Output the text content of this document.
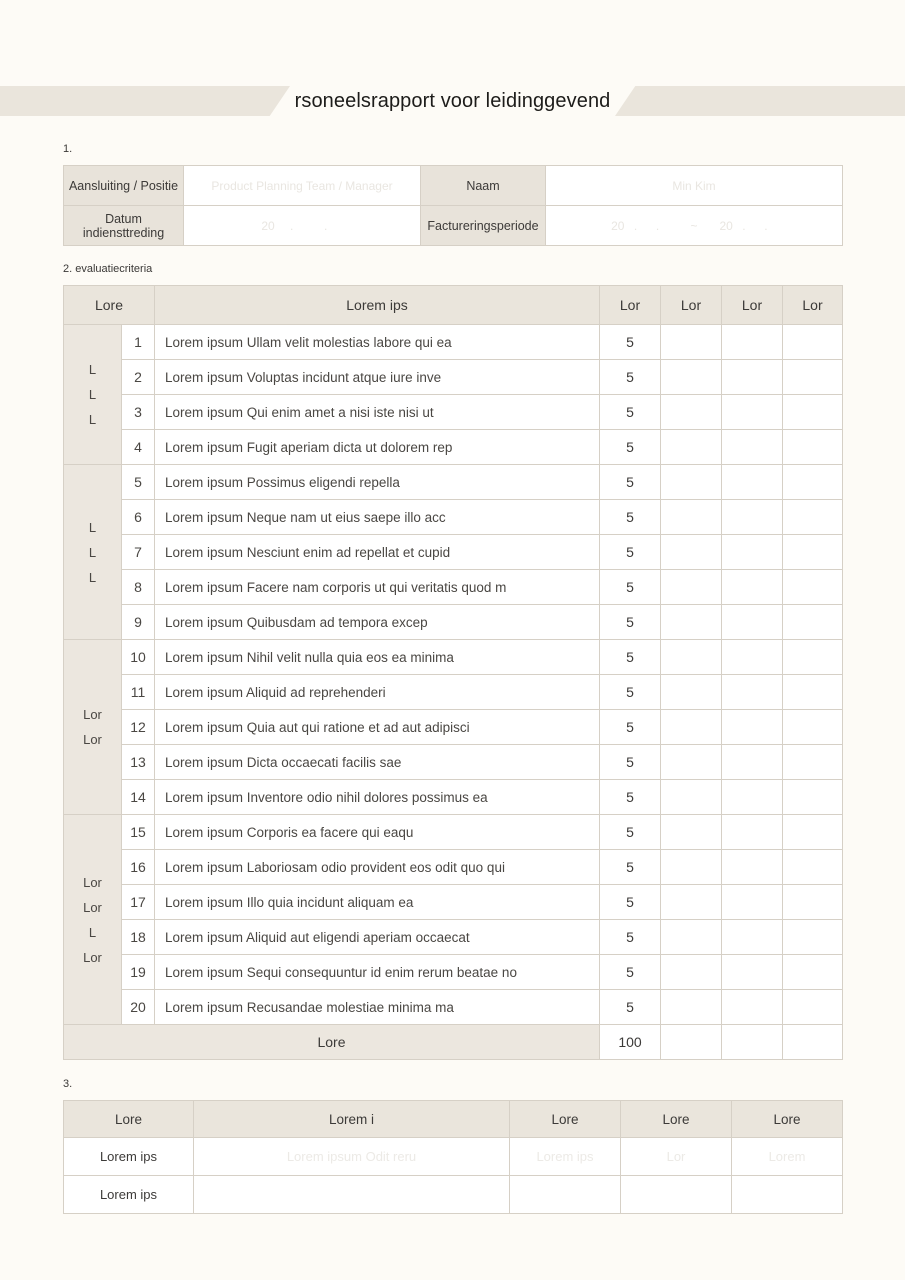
rsoneelsrapport voor leidinggevend
1.
Aansluiting / Positie	Product Planning Team / Manager	Naam	Min Kim
Datum indiensttreding	20 . .	Factureringsperiode	20 . . ~ 20 . .
2. evaluatiecriteria
Lore		Lorem ips	Lor	Lor	Lor	Lor
L
L
L	1	Lorem ipsum Ullam velit molestias labore qui ea	5			
	2	Lorem ipsum Voluptas incidunt atque iure inve	5			
	3	Lorem ipsum Qui enim amet a nisi iste nisi ut	5			
	4	Lorem ipsum Fugit aperiam dicta ut dolorem rep	5			
L
L
L	5	Lorem ipsum Possimus eligendi repella	5			
	6	Lorem ipsum Neque nam ut eius saepe illo acc	5			
	7	Lorem ipsum Nesciunt enim ad repellat et cupid	5			
	8	Lorem ipsum Facere nam corporis ut qui veritatis quod m	5			
	9	Lorem ipsum Quibusdam ad tempora excep	5			
Lor
Lor	10	Lorem ipsum Nihil velit nulla quia eos ea minima	5			
	11	Lorem ipsum Aliquid ad reprehenderi	5			
	12	Lorem ipsum Quia aut qui ratione et ad aut adipisci	5			
	13	Lorem ipsum Dicta occaecati facilis sae	5			
	14	Lorem ipsum Inventore odio nihil dolores possimus ea	5			
Lor
Lor
L
Lor	15	Lorem ipsum Corporis ea facere qui eaqu	5			
	16	Lorem ipsum Laboriosam odio provident eos odit quo qui	5			
	17	Lorem ipsum Illo quia incidunt aliquam ea	5			
	18	Lorem ipsum Aliquid aut eligendi aperiam occaecat	5			
	19	Lorem ipsum Sequi consequuntur id enim rerum beatae no	5			
	20	Lorem ipsum Recusandae molestiae minima ma	5			
Lore			100			
3.
Lore	Lorem i	Lore	Lore	Lore
Lorem ips	Lorem ipsum Odit reru	Lorem ips	Lor	Lorem
Lorem ips				
